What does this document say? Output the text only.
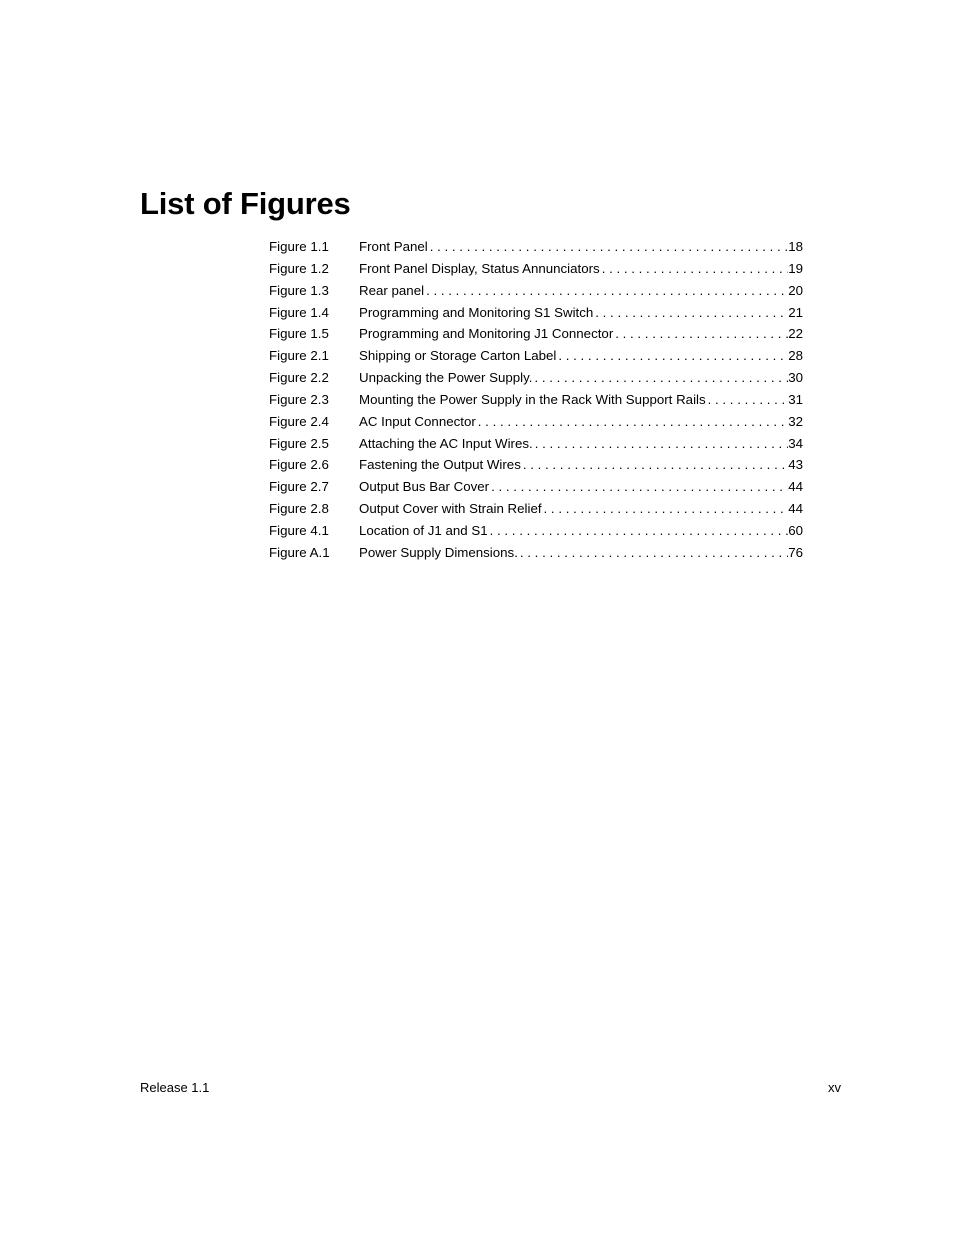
List of Figures
Figure 1.1	Front Panel . . .	18
Figure 1.2	Front Panel Display, Status Annunciators . . .	19
Figure 1.3	Rear panel . . .	20
Figure 1.4	Programming and Monitoring S1 Switch . . .	21
Figure 1.5	Programming and Monitoring J1 Connector . . .	22
Figure 2.1	Shipping or Storage Carton Label . . .	28
Figure 2.2	Unpacking the Power Supply. . . .	30
Figure 2.3	Mounting the Power Supply in the Rack With Support Rails . . .	31
Figure 2.4	AC Input Connector . . .	32
Figure 2.5	Attaching the AC Input Wires. . . .	34
Figure 2.6	Fastening the Output Wires . . .	43
Figure 2.7	Output Bus Bar Cover . . .	44
Figure 2.8	Output Cover with Strain Relief . . .	44
Figure 4.1	Location of J1 and S1 . . .	60
Figure A.1	Power Supply Dimensions. . . .	76
Release 1.1	xv
